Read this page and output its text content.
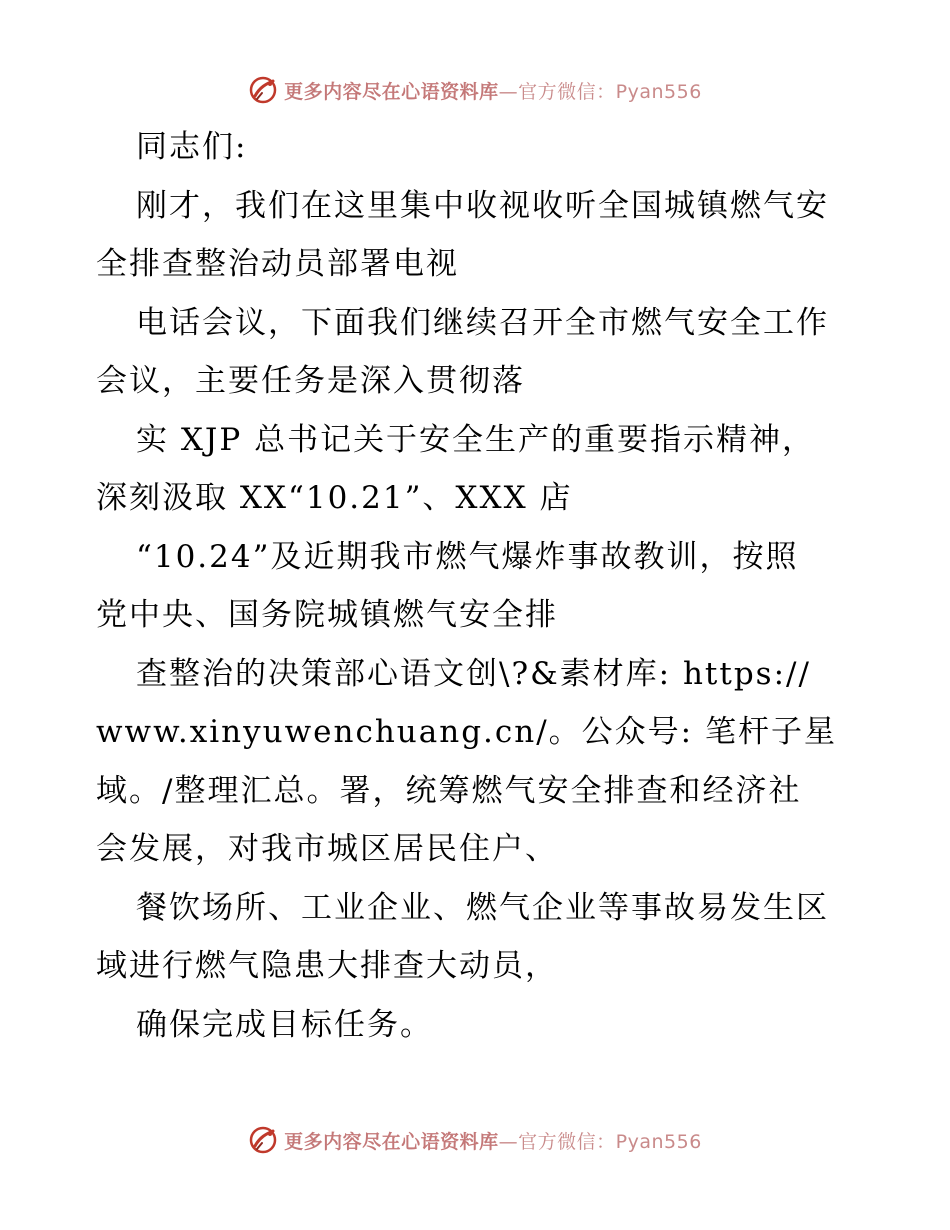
更多内容尽在心语资料库—官方微信：Pyan556
同志们:
刚才，我们在这里集中收视收听全国城镇燃气安
全排查整治动员部署电视
电话会议，下面我们继续召开全市燃气安全工作
会议，主要任务是深入贯彻落
实 XJP 总书记关于安全生产的重要指示精神，
深刻汲取 XX“10.21”、XXX 店
“10.24”及近期我市燃气爆炸事故教训，按照
党中央、国务院城镇燃气安全排
查整治的决策部心语文创\?&素材库: https://
www.xinyuwenchuang.cn/。公众号: 笔杆子星
域。/整理汇总。署，统筹燃气安全排查和经济社
会发展，对我市城区居民住户、
餐饮场所、工业企业、燃气企业等事故易发生区
域进行燃气隐患大排查大动员，
确保完成目标任务。
更多内容尽在心语资料库—官方微信：Pyan556
